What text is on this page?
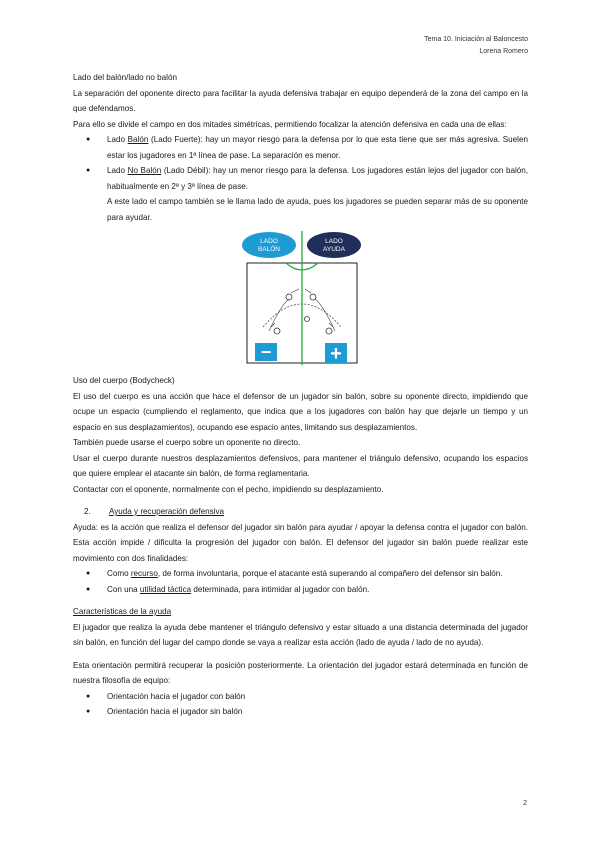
Tema 10. Iniciación al Baloncesto
Lorena Romero

Lado del balón/lado no balón

La separación del oponente directo para facilitar la ayuda defensiva trabajar en equipo dependerá de la zona del campo en la que defendamos.

Para ello se divide el campo en dos mitades simétricas, permitiendo focalizar la atención defensiva en cada una de ellas:

● Lado Balón (Lado Fuerte): hay un mayor riesgo para la defensa por lo que esta tiene que ser más agresiva. Suelen estar los jugadores en 1ª línea de pase. La separación es menor.
● Lado No Balón (Lado Débil): hay un menor riesgo para la defensa. Los jugadores están lejos del jugador con balón, habitualmente en 2ª y 3ª línea de pase.

A este lado el campo también se le llama lado de ayuda, pues los jugadores se pueden separar más de su oponente para ayudar.

LADO
BALÓN
LADO
AYUDA
−	+

Uso del cuerpo (Bodycheck)

El uso del cuerpo es una acción que hace el defensor de un jugador sin balón, sobre su oponente directo, impidiendo que ocupe un espacio (cumpliendo el reglamento, que indica que a los jugadores con balón hay que dejarle un tiempo y un espacio en sus desplazamientos), ocupando ese espacio antes, limitando sus desplazamientos.

También puede usarse el cuerpo sobre un oponente no directo.

Usar el cuerpo durante nuestros desplazamientos defensivos, para mantener el triángulo defensivo, ocupando los espacios que quiere emplear el atacante sin balón, de forma reglamentaria.

Contactar con el oponente, normalmente con el pecho, impidiendo su desplazamiento.

2. Ayuda y recuperación defensiva

Ayuda: es la acción que realiza el defensor del jugador sin balón para ayudar / apoyar la defensa contra el jugador con balón. Esta acción impide / dificulta la progresión del jugador con balón. El defensor del jugador sin balón puede realizar este movimiento con dos finalidades:

● Como recurso, de forma involuntaria, porque el atacante está superando al compañero del defensor sin balón.
● Con una utilidad táctica determinada, para intimidar al jugador con balón.

Características de la ayuda

El jugador que realiza la ayuda debe mantener el triángulo defensivo y estar situado a una distancia determinada del jugador sin balón, en función del lugar del campo donde se vaya a realizar esta acción (lado de ayuda / lado de no ayuda).

Esta orientación permitirá recuperar la posición posteriormente. La orientación del jugador estará determinada en función de nuestra filosofía de equipo:

● Orientación hacia el jugador con balón
● Orientación hacia el jugador sin balón
2
